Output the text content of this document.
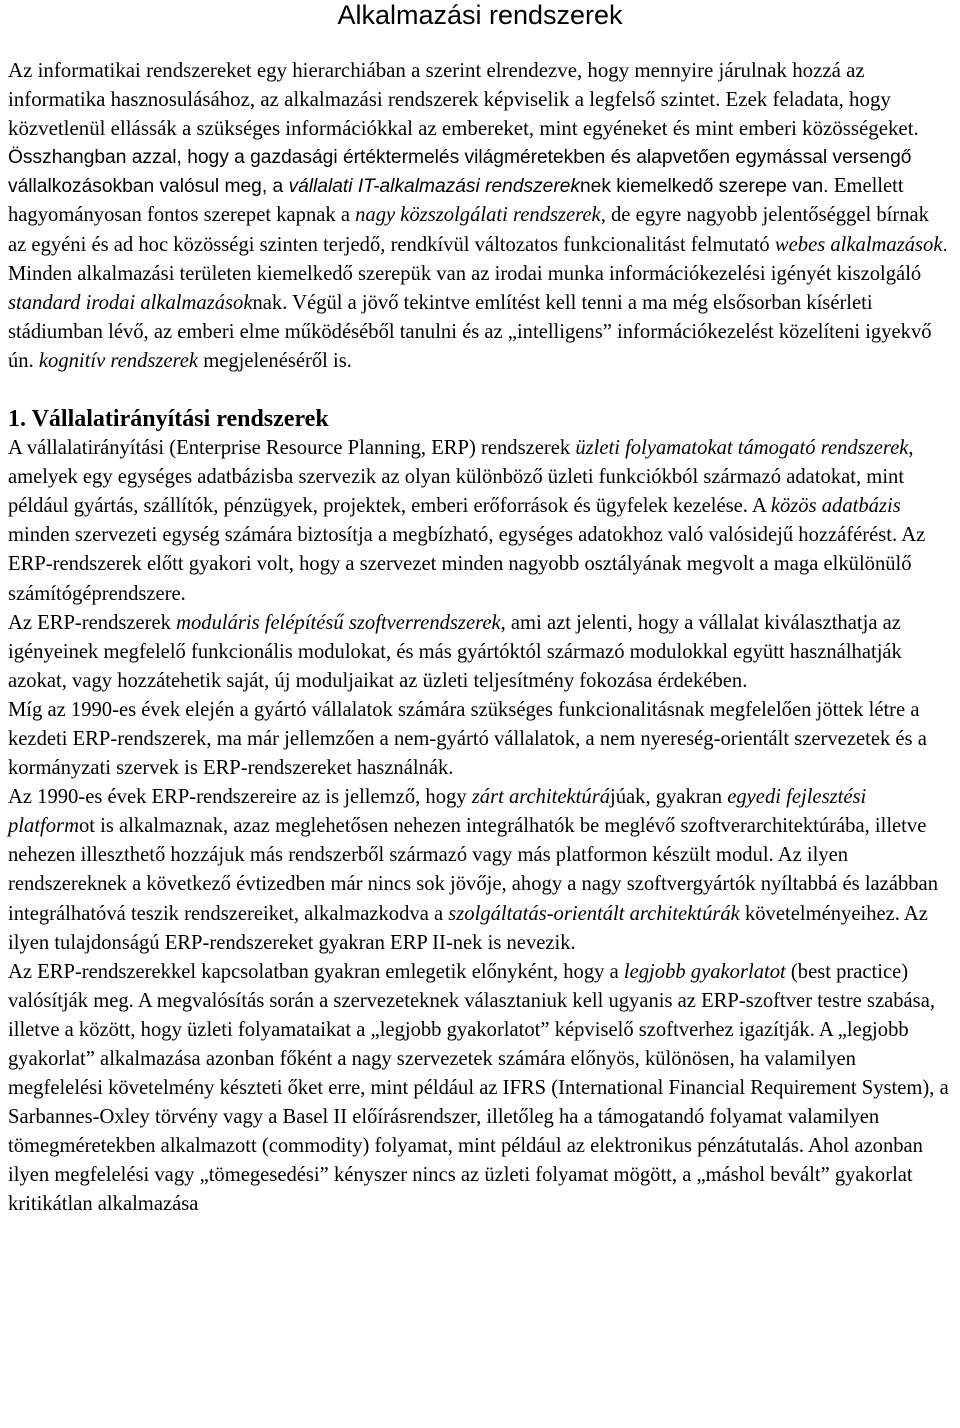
Alkalmazási rendszerek

Az informatikai rendszereket egy hierarchiában a szerint elrendezve, hogy mennyire járulnak hozzá az informatika hasznosulásához, az alkalmazási rendszerek képviselik a legfelső szintet. Ezek feladata, hogy közvetlenül ellássák a szükséges információkkal az embereket, mint egyéneket és mint emberi közösségeket.

Összhangban azzal, hogy a gazdasági értéktermelés világméretekben és alapvetően egymással versengő vállalkozásokban valósul meg, a vállalati IT-alkalmazási rendszereknek kiemelkedő szerepe van. Emellett hagyományosan fontos szerepet kapnak a nagy közszolgálati rendszerek, de egyre nagyobb jelentőséggel bírnak az egyéni és ad hoc közösségi szinten terjedő, rendkívül változatos funkcionalitást felmutató webes alkalmazások.

Minden alkalmazási területen kiemelkedő szerepük van az irodai munka információkezelési igényét kiszolgáló standard irodai alkalmazásoknak. Végül a jövő tekintve említést kell tenni a ma még elsősorban kísérleti stádiumban lévő, az emberi elme működéséből tanulni és az „intelligens” információkezelést közelíteni igyekvő ún. kognitív rendszerek megjelenéséről is.

1. Vállalatirányítási rendszerek

A vállalatirányítási (Enterprise Resource Planning, ERP) rendszerek üzleti folyamatokat támogató rendszerek, amelyek egy egységes adatbázisba szervezik az olyan különböző üzleti funkciókból származó adatokat, mint például gyártás, szállítók, pénzügyek, projektek, emberi erőforrások és ügyfelek kezelése. A közös adatbázis minden szervezeti egység számára biztosítja a megbízható, egységes adatokhoz való valósidejű hozzáférést. Az ERP-rendszerek előtt gyakori volt, hogy a szervezet minden nagyobb osztályának megvolt a maga elkülönülő számítógéprendszere.

Az ERP-rendszerek moduláris felépítésű szoftverrendszerek, ami azt jelenti, hogy a vállalat kiválaszthatja az igényeinek megfelelő funkcionális modulokat, és más gyártóktól származó modulokkal együtt használhatják azokat, vagy hozzátehetik saját, új moduljaikat az üzleti teljesítmény fokozása érdekében.

Míg az 1990-es évek elején a gyártó vállalatok számára szükséges funkcionalitásnak megfelelően jöttek létre a kezdeti ERP-rendszerek, ma már jellemzően a nem-gyártó vállalatok, a nem nyereség-orientált szervezetek és a kormányzati szervek is ERP-rendszereket használnák.

Az 1990-es évek ERP-rendszereire az is jellemző, hogy zárt architektúrájúak, gyakran egyedi fejlesztési platformot is alkalmaznak, azaz meglehetősen nehezen integrálhatók be meglévő szoftverarchitektúrába, illetve nehezen illeszthető hozzájuk más rendszerből származó vagy más platformon készült modul. Az ilyen rendszereknek a következő évtizedben már nincs sok jövője, ahogy a nagy szoftvergyártók nyíltabbá és lazábban integrálhatóvá teszik rendszereiket, alkalmazkodva a szolgáltatás-orientált architektúrák követelményeihez. Az ilyen tulajdonságú ERP-rendszereket gyakran ERP II-nek is nevezik.

Az ERP-rendszerekkel kapcsolatban gyakran emlegetik előnyként, hogy a legjobb gyakorlatot (best practice) valósítják meg. A megvalósítás során a szervezeteknek választaniuk kell ugyanis az ERP-szoftver testre szabása, illetve a között, hogy üzleti folyamataikat a „legjobb gyakorlatot” képviselő szoftverhez igazítják. A „legjobb gyakorlat” alkalmazása azonban főként a nagy szervezetek számára előnyös, különösen, ha valamilyen megfelelési követelmény készteti őket erre, mint például az IFRS (International Financial Requirement System), a Sarbannes-Oxley törvény vagy a Basel II előírásrendszer, illetőleg ha a támogatandó folyamat valamilyen tömegméretekben alkalmazott (commodity) folyamat, mint például az elektronikus pénzátutalás. Ahol azonban ilyen megfelelési vagy „tömegesedési” kényszer nincs az üzleti folyamat mögött, a „máshol bevált” gyakorlat kritikátlan alkalmazása
